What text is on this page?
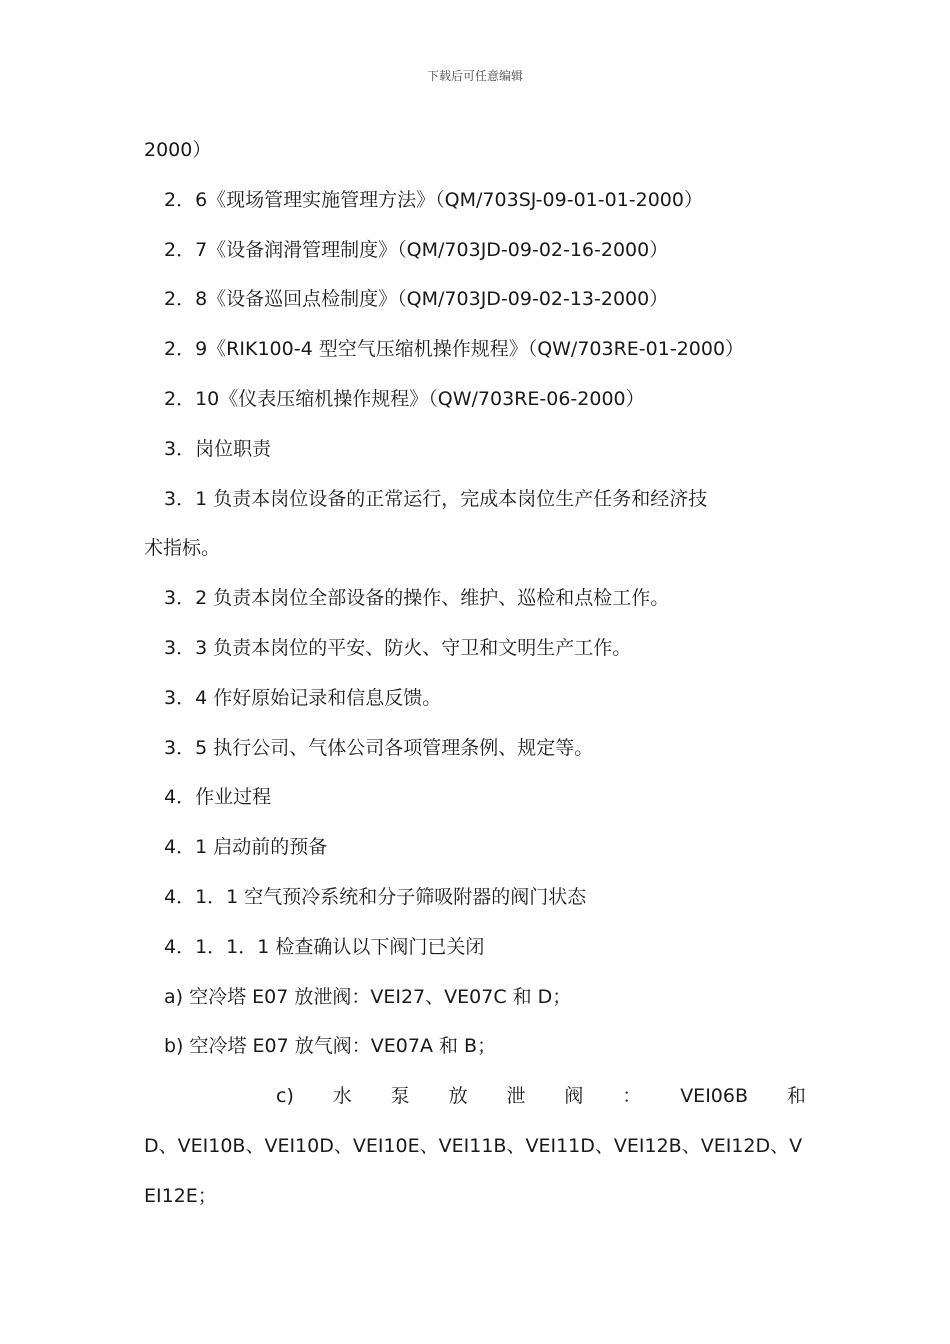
下载后可任意编辑
2000）
2．6《现场管理实施管理方法》（QM/703SJ-09-01-01-2000）
2．7《设备润滑管理制度》（QM/703JD-09-02-16-2000）
2．8《设备巡回点检制度》（QM/703JD-09-02-13-2000）
2．9《RIK100-4 型空气压缩机操作规程》（QW/703RE-01-2000）
2．10《仪表压缩机操作规程》（QW/703RE-06-2000）
3．岗位职责
3．1 负责本岗位设备的正常运行，完成本岗位生产任务和经济技
术指标。
3．2 负责本岗位全部设备的操作、维护、巡检和点检工作。
3．3 负责本岗位的平安、防火、守卫和文明生产工作。
3．4 作好原始记录和信息反馈。
3．5 执行公司、气体公司各项管理条例、规定等。
4．作业过程
4．1 启动前的预备
4．1．1 空气预冷系统和分子筛吸附器的阀门状态
4．1．1．1 检查确认以下阀门已关闭
a) 空冷塔 E07 放泄阀：VEI27、VE07C 和 D；
b) 空冷塔 E07 放气阀：VE07A 和 B；
c) 水 泵 放 泄 阀 ： VEI06B 和
D、VEI10B、VEI10D、VEI10E、VEI11B、VEI11D、VEI12B、VEI12D、V
EI12E；
